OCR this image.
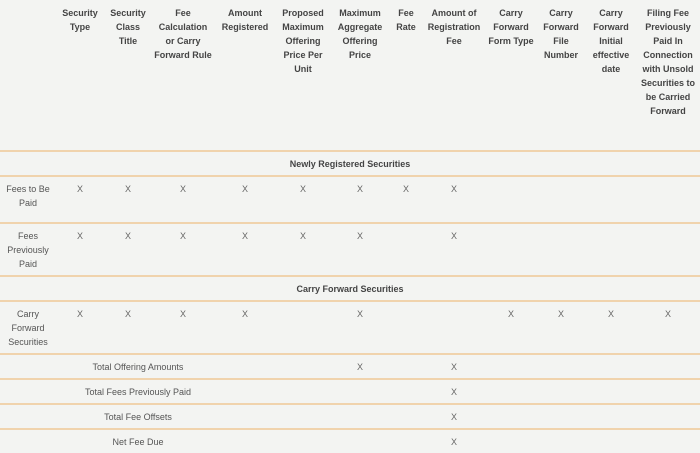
	Security Type	Security Class Title	Fee Calculation or Carry Forward Rule	Amount Registered	Proposed Maximum Offering Price Per Unit	Maximum Aggregate Offering Price	Fee Rate	Amount of Registration Fee	Carry Forward Form Type	Carry Forward File Number	Carry Forward Initial effective date	Filing Fee Previously Paid In Connection with Unsold Securities to be Carried Forward
Newly Registered Securities												
Fees to Be Paid	X	X	X	X	X	X	X	X				
Fees Previously Paid	X	X	X	X	X	X		X				
Carry Forward Securities												
Carry Forward Securities	X	X	X	X		X			X	X	X	X
Total Offering Amounts						X		X				
Total Fees Previously Paid								X				
Total Fee Offsets								X				
Net Fee Due								X				
